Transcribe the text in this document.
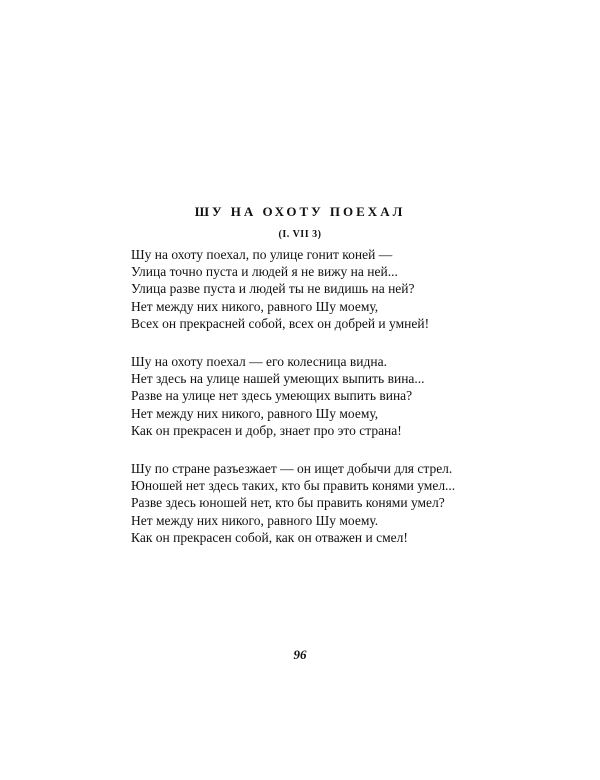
ШУ НА ОХОТУ ПОЕХАЛ
(I. VII 3)
Шу на охоту поехал, по улице гонит коней —
Улица точно пуста и людей я не вижу на ней...
Улица разве пуста и людей ты не видишь на ней?
Нет между них никого, равного Шу моему,
Всех он прекрасней собой, всех он добрей и умней!
Шу на охоту поехал — его колесница видна.
Нет здесь на улице нашей умеющих выпить вина...
Разве на улице нет здесь умеющих выпить вина?
Нет между них никого, равного Шу моему,
Как он прекрасен и добр, знает про это страна!
Шу по стране разъезжает — он ищет добычи для стрел.
Юношей нет здесь таких, кто бы править конями умел...
Разве здесь юношей нет, кто бы править конями умел?
Нет между них никого, равного Шу моему.
Как он прекрасен собой, как он отважен и смел!
96
